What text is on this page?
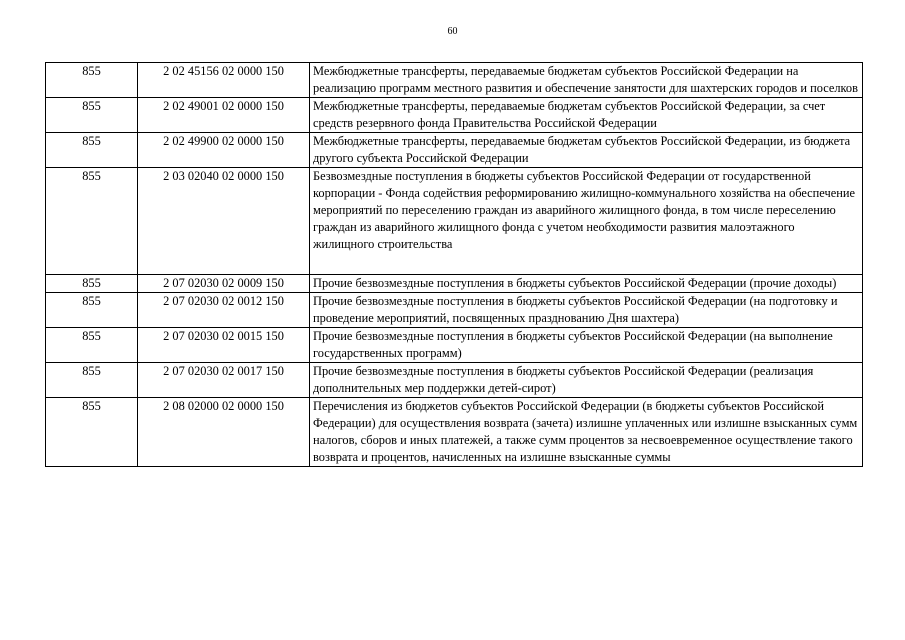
60
855	2 02 45156 02 0000 150	Межбюджетные трансферты, передаваемые бюджетам субъектов Российской Федерации на реализацию программ местного развития и обеспечение занятости для шахтерских городов и поселков
855	2 02 49001 02 0000 150	Межбюджетные трансферты, передаваемые бюджетам субъектов Российской Федерации, за счет средств резервного фонда Правительства Российской Федерации
855	2 02 49900 02 0000 150	Межбюджетные трансферты, передаваемые бюджетам субъектов Российской Федерации, из бюджета другого субъекта Российской Федерации
855	2 03 02040 02 0000 150	Безвозмездные поступления в бюджеты субъектов Российской Федерации от государственной корпорации - Фонда содействия реформированию жилищно-коммунального хозяйства на обеспечение мероприятий по переселению граждан из аварийного жилищного фонда, в том числе переселению граждан из аварийного жилищного фонда с учетом необходимости развития малоэтажного жилищного строительства
855	2 07 02030 02 0009 150	Прочие безвозмездные поступления в бюджеты субъектов Российской Федерации (прочие доходы)
855	2 07 02030 02 0012 150	Прочие безвозмездные поступления в бюджеты субъектов Российской Федерации (на подготовку и проведение мероприятий, посвященных празднованию Дня шахтера)
855	2 07 02030 02 0015 150	Прочие безвозмездные поступления в бюджеты субъектов Российской Федерации (на выполнение государственных программ)
855	2 07 02030 02 0017 150	Прочие безвозмездные поступления в бюджеты субъектов Российской Федерации (реализация дополнительных мер поддержки детей-сирот)
855	2 08 02000 02 0000 150	Перечисления из бюджетов субъектов Российской Федерации (в бюджеты субъектов Российской Федерации) для осуществления возврата (зачета) излишне уплаченных или излишне взысканных сумм налогов, сборов и иных платежей, а также сумм процентов за несвоевременное осуществление такого возврата и процентов, начисленных на излишне взысканные суммы
